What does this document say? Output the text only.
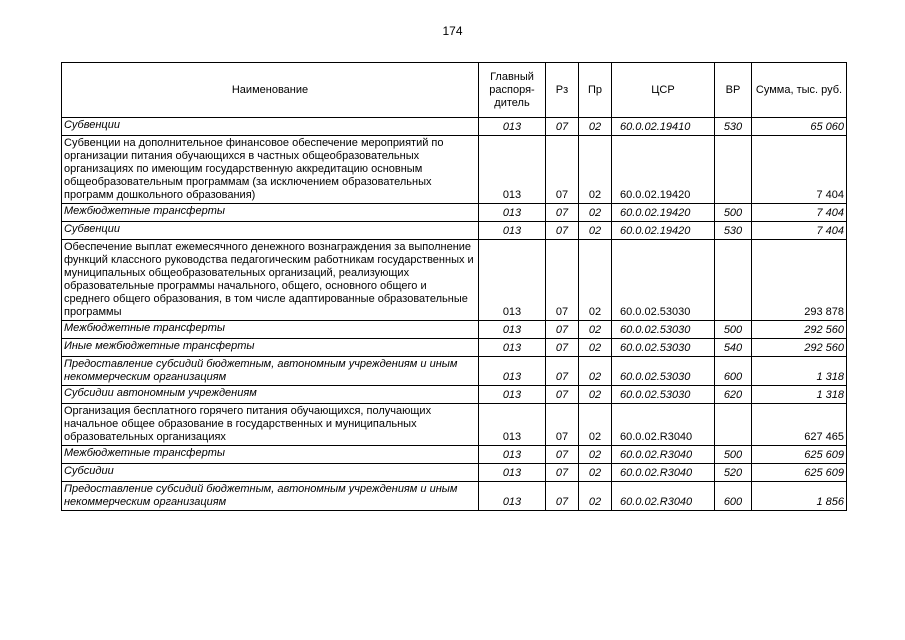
174
Наименование	Главный распоря-дитель	Рз	Пр	ЦСР	ВР	Сумма, тыс. руб.
Субвенции	013	07	02	60.0.02.19410	530	65 060
Субвенции на дополнительное финансовое обеспечение мероприятий по организации питания обучающихся в частных общеобразовательных организациях по имеющим государственную аккредитацию основным общеобразовательным программам (за исключением образовательных программ дошкольного образования)	013	07	02	60.0.02.19420		7 404
Межбюджетные трансферты	013	07	02	60.0.02.19420	500	7 404
Субвенции	013	07	02	60.0.02.19420	530	7 404
Обеспечение выплат ежемесячного денежного вознаграждения за выполнение функций классного руководства педагогическим работникам государственных и муниципальных общеобразовательных организаций, реализующих образовательные программы начального, общего, основного общего и среднего общего образования, в том числе адаптированные образовательные программы	013	07	02	60.0.02.53030		293 878
Межбюджетные трансферты	013	07	02	60.0.02.53030	500	292 560
Иные межбюджетные трансферты	013	07	02	60.0.02.53030	540	292 560
Предоставление субсидий бюджетным, автономным учреждениям и иным некоммерческим организациям	013	07	02	60.0.02.53030	600	1 318
Субсидии автономным учреждениям	013	07	02	60.0.02.53030	620	1 318
Организация бесплатного горячего питания обучающихся, получающих начальное общее образование в государственных и муниципальных образовательных организациях	013	07	02	60.0.02.R3040		627 465
Межбюджетные трансферты	013	07	02	60.0.02.R3040	500	625 609
Субсидии	013	07	02	60.0.02.R3040	520	625 609
Предоставление субсидий бюджетным, автономным учреждениям и иным некоммерческим организациям	013	07	02	60.0.02.R3040	600	1 856
